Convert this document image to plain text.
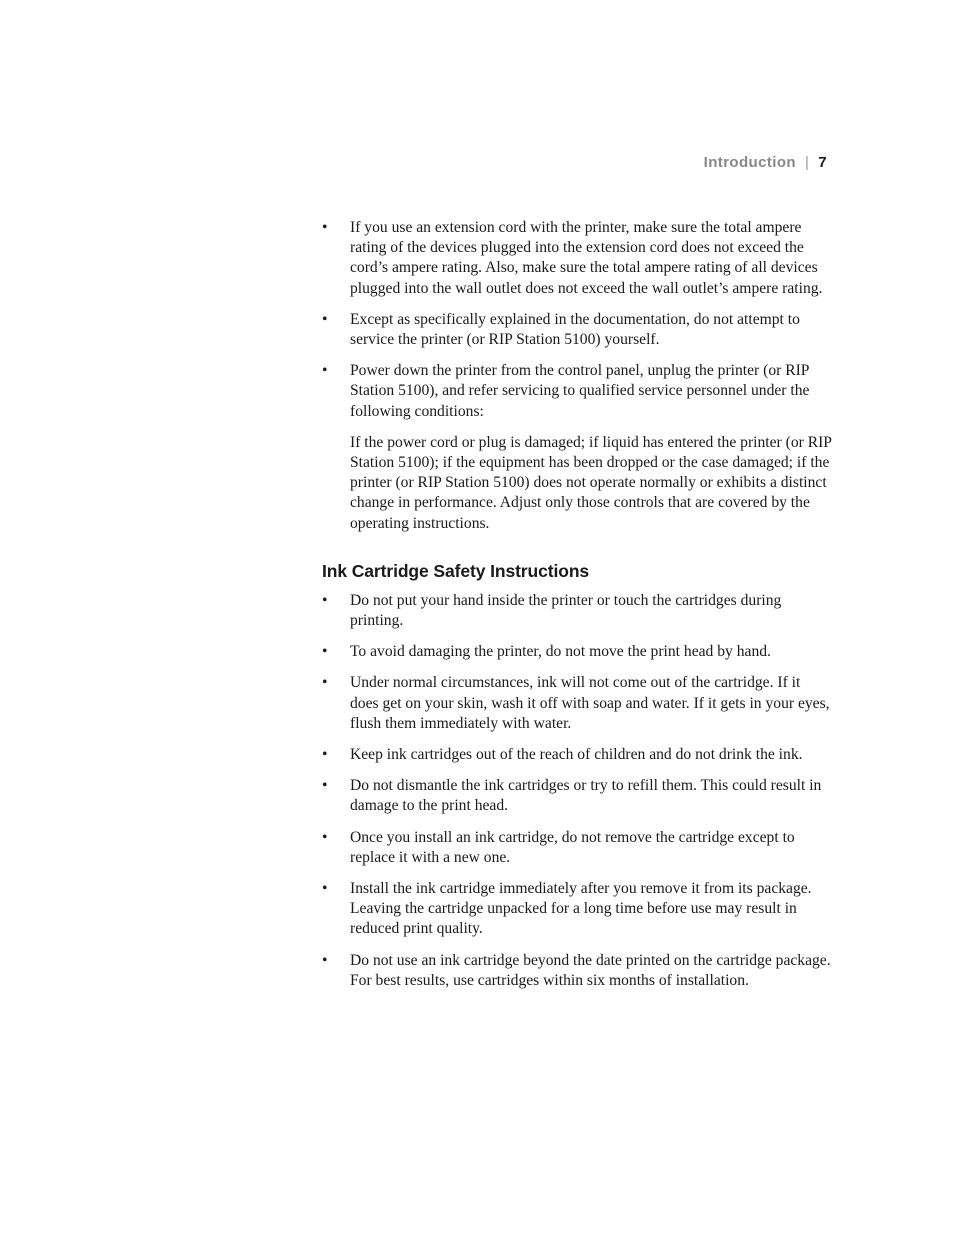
Introduction | 7
• If you use an extension cord with the printer, make sure the total ampere rating of the devices plugged into the extension cord does not exceed the cord’s ampere rating. Also, make sure the total ampere rating of all devices plugged into the wall outlet does not exceed the wall outlet’s ampere rating.
• Except as specifically explained in the documentation, do not attempt to service the printer (or RIP Station 5100) yourself.
• Power down the printer from the control panel, unplug the printer (or RIP Station 5100), and refer servicing to qualified service personnel under the following conditions:

If the power cord or plug is damaged; if liquid has entered the printer (or RIP Station 5100); if the equipment has been dropped or the case damaged; if the printer (or RIP Station 5100) does not operate normally or exhibits a distinct change in performance. Adjust only those controls that are covered by the operating instructions.

Ink Cartridge Safety Instructions
• Do not put your hand inside the printer or touch the cartridges during printing.
• To avoid damaging the printer, do not move the print head by hand.
• Under normal circumstances, ink will not come out of the cartridge. If it does get on your skin, wash it off with soap and water. If it gets in your eyes, flush them immediately with water.
• Keep ink cartridges out of the reach of children and do not drink the ink.
• Do not dismantle the ink cartridges or try to refill them. This could result in damage to the print head.
• Once you install an ink cartridge, do not remove the cartridge except to replace it with a new one.
• Install the ink cartridge immediately after you remove it from its package. Leaving the cartridge unpacked for a long time before use may result in reduced print quality.
• Do not use an ink cartridge beyond the date printed on the cartridge package. For best results, use cartridges within six months of installation.
